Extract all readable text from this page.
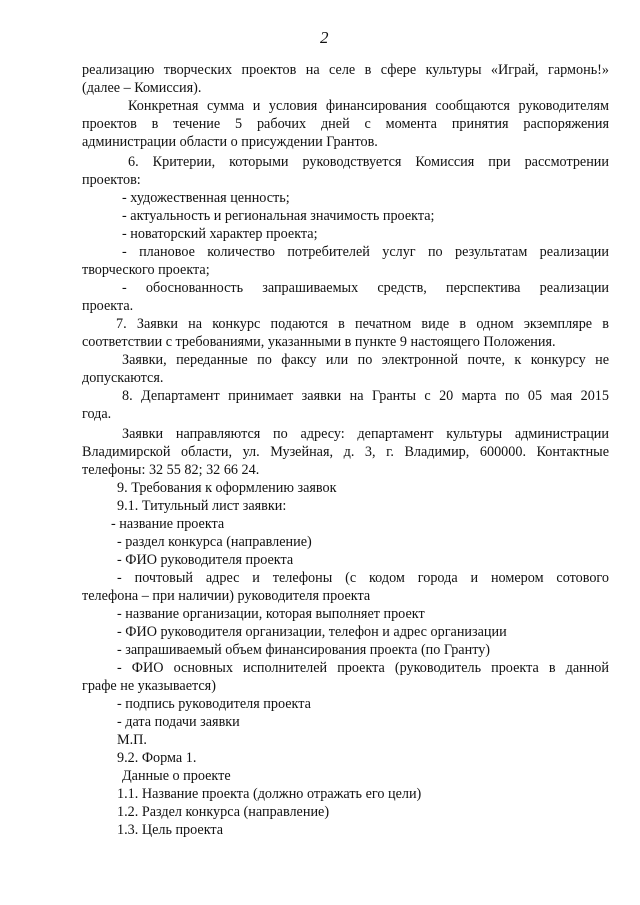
2
реализацию творческих проектов на селе в сфере культуры «Играй, гармонь!»
(далее – Комиссия).
Конкретная сумма и условия финансирования сообщаются руководителям
проектов в течение 5 рабочих дней с момента принятия распоряжения
администрации области о присуждении Грантов.
6. Критерии, которыми руководствуется Комиссия при рассмотрении
проектов:
- художественная ценность;
- актуальность и региональная значимость проекта;
- новаторский характер проекта;
- плановое количество потребителей услуг по результатам реализации
творческого проекта;
- обоснованность запрашиваемых средств, перспектива реализации
проекта.
7. Заявки на конкурс подаются в печатном виде в одном экземпляре в
соответствии с требованиями, указанными в пункте 9 настоящего Положения.
Заявки, переданные по факсу или по электронной почте, к конкурсу не
допускаются.
8. Департамент принимает заявки на Гранты с 20 марта по 05 мая 2015
года.
Заявки направляются по адресу: департамент культуры администрации
Владимирской области, ул. Музейная, д. 3, г. Владимир, 600000. Контактные
телефоны: 32 55 82; 32 66 24.
9. Требования к оформлению заявок
9.1. Титульный лист заявки:
- название проекта
- раздел конкурса (направление)
- ФИО руководителя проекта
- почтовый адрес и телефоны (с кодом города и номером сотового
телефона – при наличии) руководителя проекта
- название организации, которая выполняет проект
- ФИО руководителя организации, телефон и адрес организации
- запрашиваемый объем финансирования проекта (по Гранту)
- ФИО основных исполнителей проекта (руководитель проекта в данной
графе не указывается)
- подпись руководителя проекта
- дата подачи заявки
М.П.
9.2. Форма 1.
Данные о проекте
1.1. Название проекта (должно отражать его цели)
1.2. Раздел конкурса (направление)
1.3. Цель проекта
